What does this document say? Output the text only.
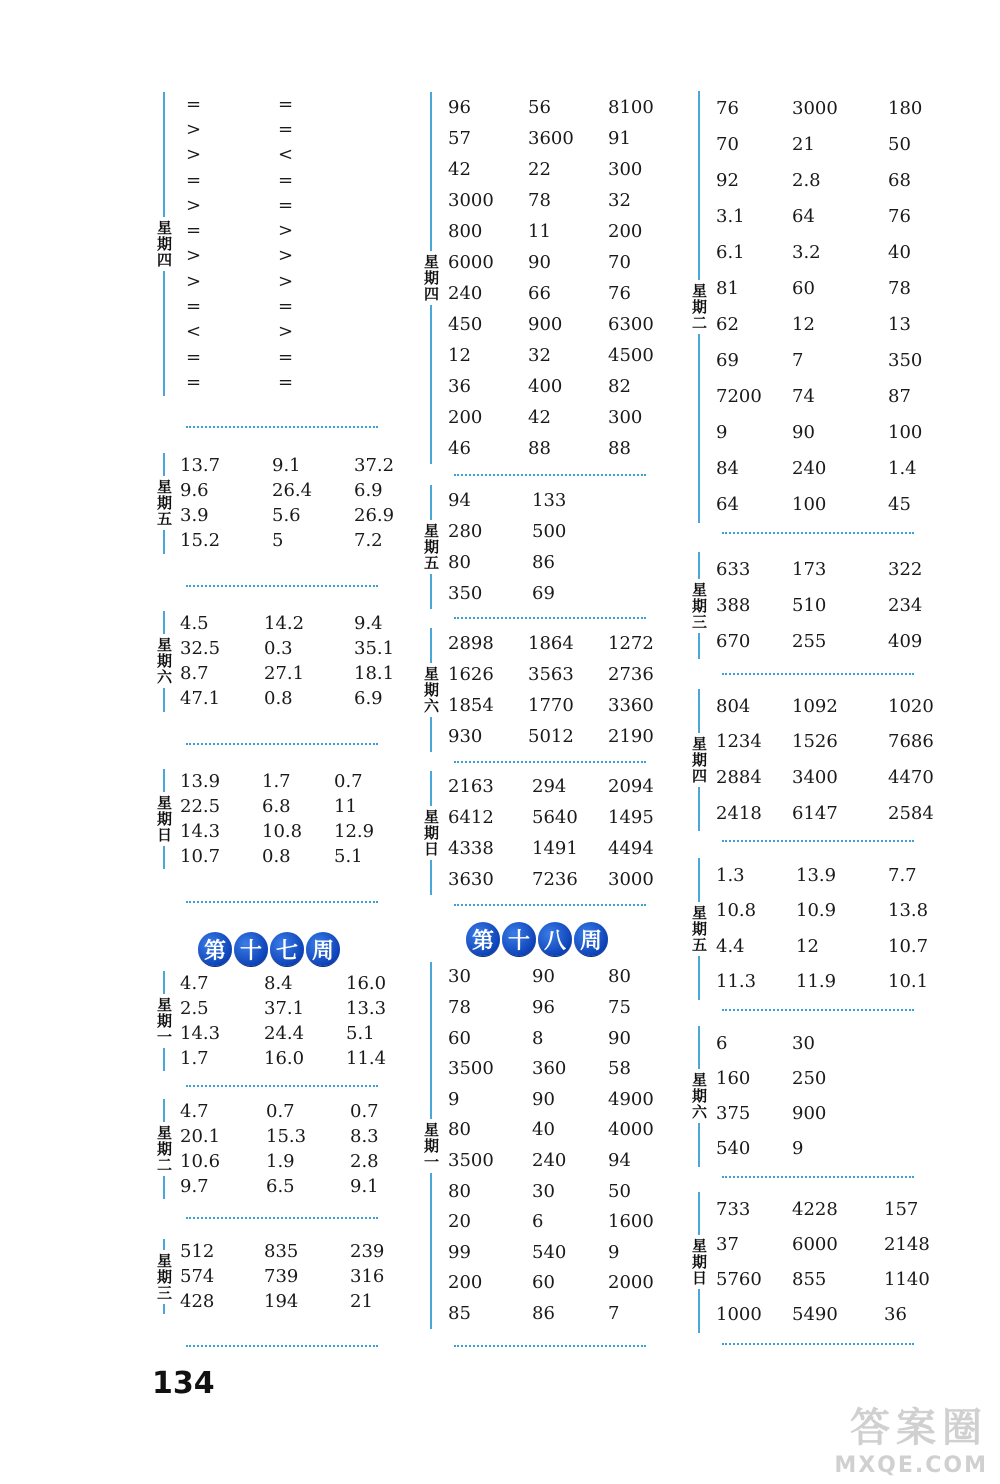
星期四
=	=
>	=
>	<
=	=
>	=
=	>
>	>
>	>
=	=
<	>
=	=
=	=
星期五
13.7	9.1	37.2
9.6	26.4 6.9
3.9	5.6	26.9
15.2	5	7.2
星期六
4.5	14.2	9.4
32.5 0.3	35.1
8.7	27.1	18.1
47.1 0.8	6.9
星期日
13.9 1.7 0.7
22.5 6.8 11
14.3 10.8 12.9
10.7 0.8 5.1
星期一
4.7	8.4	16.0
2.5	37.1 13.3
14.3 24.4 5.1
1.7	16.0 11.4
星期二
4.7	0.7	0.7
20.1	15.3 8.3
10.6	1.9	2.8
9.7	6.5	9.1
星期三
512	835	239
574	739	316
428	194	21
星期四
96	56	8100
57	3600 91
42	22	300
3000 78	32
800	11	200
6000 90	70
240	66	76
450	900	6300
12	32	4500
36	400	82
200	42	300
46	88	88
星期五
94	133
280	500
80	86
350	69
星期六
2898 1864 1272
1626 3563 2736
1854 1770 3360
930	5012 2190
星期日
2163 294 2094
6412 5640 1495
4338 1491 4494
3630 7236 3000
星期一
30	90	80
78	96	75
60	8	90
3500 360 58
9	90	4900
80	40	4000
3500 240 94
80	30	50
20	6	1600
99	540 9
200	60	2000
85	86	7
星期二
76	3000	180
70	21	50
92	2.8	68
3.1	64	76
6.1	3.2	40
81	60	78
62	12	13
69	7	350
7200 74	87
9	90	100
84	240	1.4
64	100	45
星期三
633 173	322
388 510	234
670 255	409
星期四
804 1092	1020
1234 1526	7686
2884 3400	4470
2418 6147	2584
星期五
1.3	13.9	7.7
10.8 10.9	13.8
4.4	12	10.7
11.3 11.9	10.1
星期六
6	30
160 250
375 900
540 9
星期日
733 4228	157
37	6000	2148
5760 855	1140
1000 5490	36
第 十 七 周	第 十 八 周
134
答案圈
MXQE.COM
